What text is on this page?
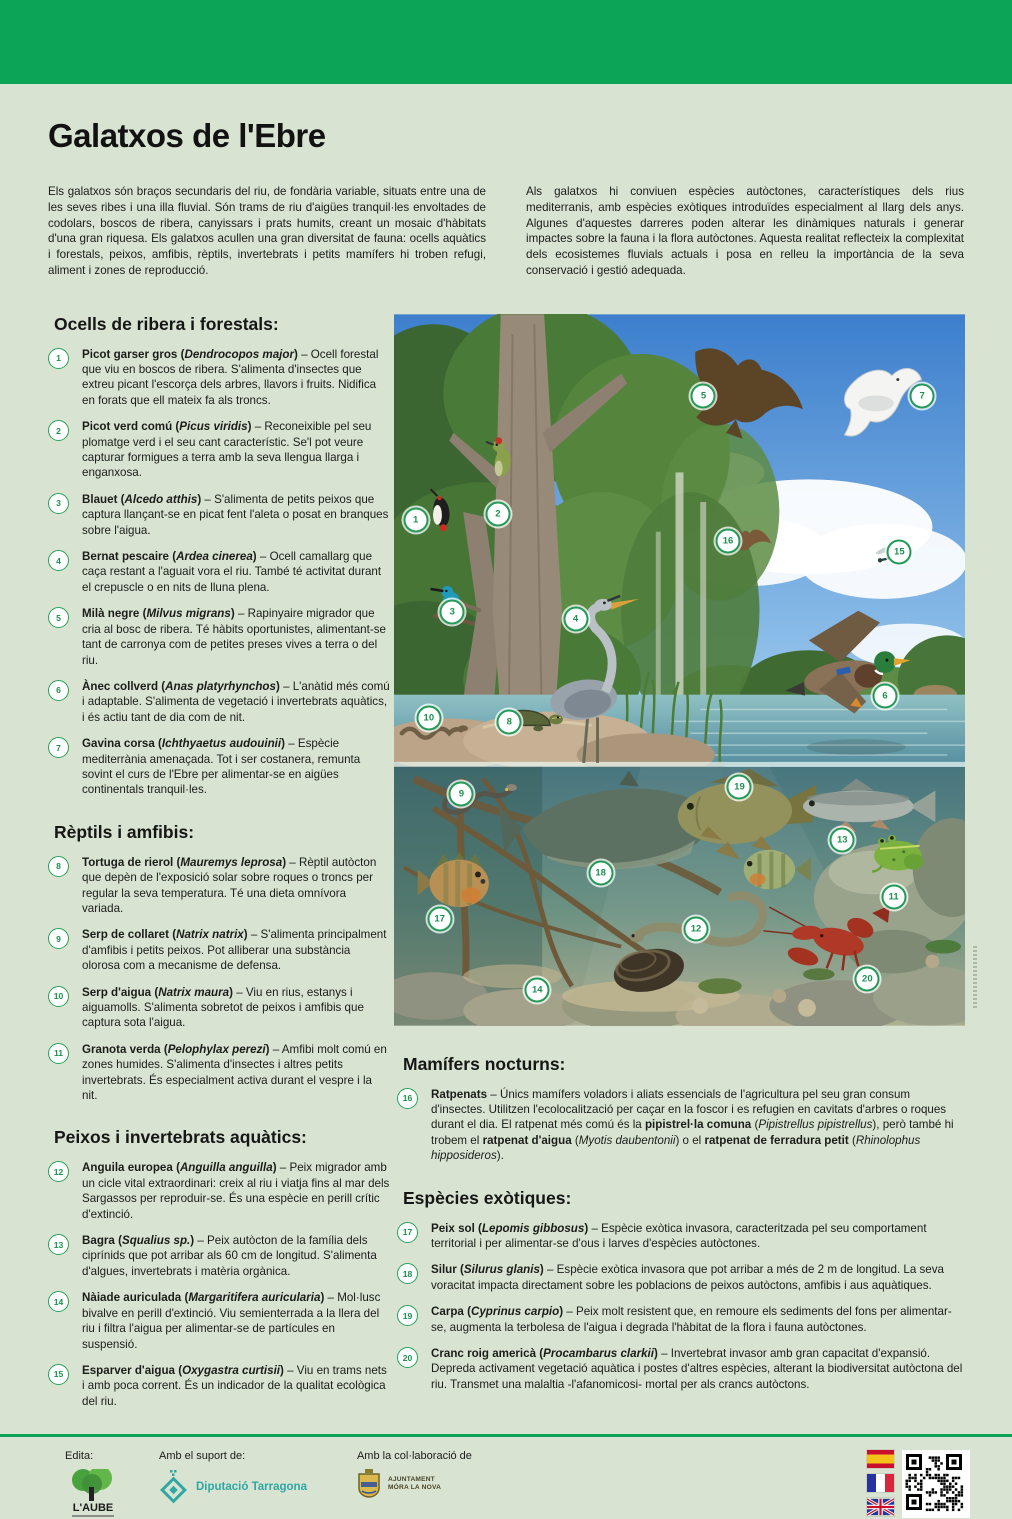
Galatxos de l'Ebre

Els galatxos són braços secundaris del riu, de fondària variable, situats entre una de les seves ribes i una illa fluvial. Són trams de riu d'aigües tranquil·les envoltades de codolars, boscos de ribera, canyissars i prats humits, creant un mosaic d'hàbitats d'una gran riquesa. Els galatxos acullen una gran diversitat de fauna: ocells aquàtics i forestals, peixos, amfibis, rèptils, invertebrats i petits mamífers hi troben refugi, aliment i zones de reproducció.

Als galatxos hi conviuen espècies autòctones, característiques dels rius mediterranis, amb espècies exòtiques introduïdes especialment al llarg dels anys. Algunes d'aquestes darreres poden alterar les dinàmiques naturals i generar impactes sobre la fauna i la flora autòctones. Aquesta realitat reflecteix la complexitat dels ecosistemes fluvials actuals i posa en relleu la importància de la seva conservació i gestió adequada.

Ocells de ribera i forestals:
1	Picot garser gros (Dendrocopos major) – Ocell forestal que viu en boscos de ribera. S'alimenta d'insectes que extreu picant l'escorça dels arbres, llavors i fruits. Nidifica en forats que ell mateix fa als troncs.
2	Picot verd comú (Picus viridis) – Reconeixible pel seu plomatge verd i el seu cant característic. Se'l pot veure capturar formigues a terra amb la seva llengua llarga i enganxosa.
3	Blauet (Alcedo atthis) – S'alimenta de petits peixos que captura llançant-se en picat fent l'aleta o posat en branques sobre l'aigua.
4	Bernat pescaire (Ardea cinerea) – Ocell camallarg que caça restant a l'aguait vora el riu. També té activitat durant el crepuscle o en nits de lluna plena.
5	Milà negre (Milvus migrans) – Rapinyaire migrador que cria al bosc de ribera. Té hàbits oportunistes, alimentant-se tant de carronya com de petites preses vives a terra o del riu.
6	Ànec collverd (Anas platyrhynchos) – L'anàtid més comú i adaptable. S'alimenta de vegetació i invertebrats aquàtics, i és actiu tant de dia com de nit.
7	Gavina corsa (Ichthyaetus audouinii) – Espècie mediterrània amenaçada. Tot i ser costanera, remunta sovint el curs de l'Ebre per alimentar-se en aigües continentals tranquil·les.
Rèptils i amfibis:
8	Tortuga de rierol (Mauremys leprosa) – Rèptil autòcton que depèn de l'exposició solar sobre roques o troncs per regular la seva temperatura. Té una dieta omnívora variada.
9	Serp de collaret (Natrix natrix) – S'alimenta principalment d'amfibis i petits peixos. Pot alliberar una substància olorosa com a mecanisme de defensa.
10	Serp d'aigua (Natrix maura) – Viu en rius, estanys i aiguamolls. S'alimenta sobretot de peixos i amfibis que captura sota l'aigua.
11	Granota verda (Pelophylax perezi) – Amfibi molt comú en zones humides. S'alimenta d'insectes i altres petits invertebrats. És especialment activa durant el vespre i la nit.
Peixos i invertebrats aquàtics:
12	Anguila europea (Anguilla anguilla) – Peix migrador amb un cicle vital extraordinari: creix al riu i viatja fins al mar dels Sargassos per reproduir-se. És una espècie en perill crític d'extinció.
13	Bagra (Squalius sp.) – Peix autòcton de la família dels ciprínids que pot arribar als 60 cm de longitud. S'alimenta d'algues, invertebrats i matèria orgànica.
14	Nàiade auriculada (Margaritifera auricularia) – Mol·lusc bivalve en perill d'extinció. Viu semienterrada a la llera del riu i filtra l'aigua per alimentar-se de partícules en suspensió.
15	Esparver d'aigua (Oxygastra curtisii) – Viu en trams nets i amb poca corrent. És un indicador de la qualitat ecològica del riu.
1
2
3
4
5
6
7
8
9
10
11
12
13
14
15
16
17
18
19
20
Mamífers nocturns:
16	Ratpenats – Únics mamífers voladors i aliats essencials de l'agricultura pel seu gran consum d'insectes. Utilitzen l'ecolocalització per caçar en la foscor i es refugien en cavitats d'arbres o roques durant el dia. El ratpenat més comú és la pipistrel·la comuna (Pipistrellus pipistrellus), però també hi trobem el ratpenat d'aigua (Myotis daubentonii) o el ratpenat de ferradura petit (Rhinolophus hipposideros).
Espècies exòtiques:
17	Peix sol (Lepomis gibbosus) – Espècie exòtica invasora, caracteritzada pel seu comportament territorial i per alimentar-se d'ous i larves d'espècies autòctones.
18	Silur (Silurus glanis) – Espècie exòtica invasora que pot arribar a més de 2 m de longitud. La seva voracitat impacta directament sobre les poblacions de peixos autòctons, amfibis i aus aquàtiques.
19	Carpa (Cyprinus carpio) – Peix molt resistent que, en remoure els sediments del fons per alimentar-se, augmenta la terbolesa de l'aigua i degrada l'hàbitat de la flora i fauna autòctones.
20	Cranc roig americà (Procambarus clarkii) – Invertebrat invasor amb gran capacitat d'expansió. Depreda activament vegetació aquàtica i postes d'altres espècies, alterant la biodiversitat autòctona del riu. Transmet una malaltia -l'afanomicosi- mortal per als crancs autòctons.
Edita:
L'AUBE
Amb el suport de:
Diputació Tarragona
Amb la col·laboració de
AJUNTAMENT
MÓRA LA NOVA
